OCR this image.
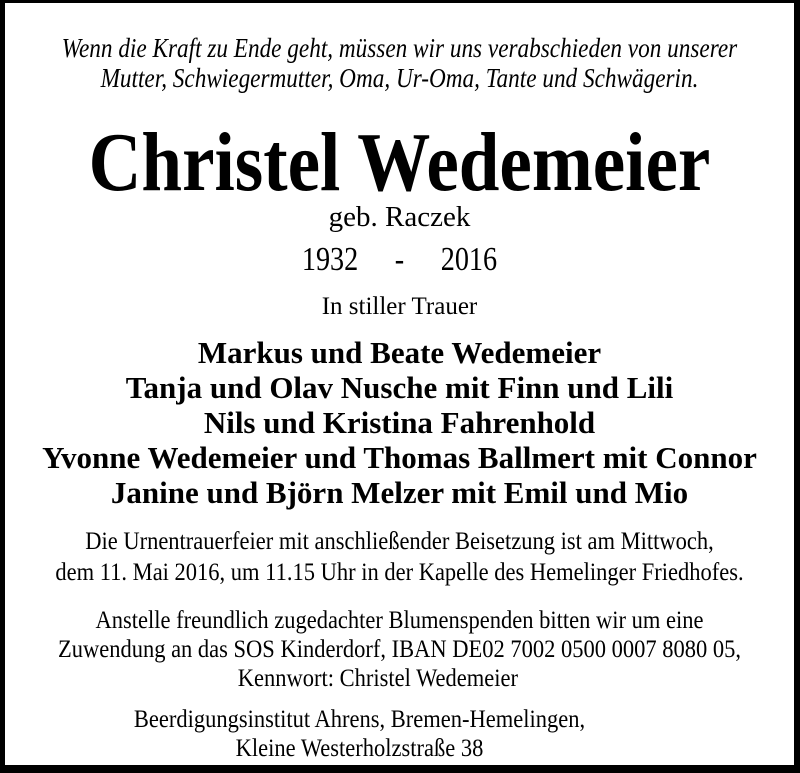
Wenn die Kraft zu Ende geht, müssen wir uns verabschieden von unserer

Mutter, Schwiegermutter, Oma, Ur-Oma, Tante und Schwägerin.

Christel Wedemeier
geb. Raczek
1932 - 2016
In stiller Trauer

Markus und Beate Wedemeier

Tanja und Olav Nusche mit Finn und Lili

Nils und Kristina Fahrenhold

Yvonne Wedemeier und Thomas Ballmert mit Connor

Janine und Björn Melzer mit Emil und Mio

Die Urnentrauerfeier mit anschließender Beisetzung ist am Mittwoch,

dem 11. Mai 2016, um 11.15 Uhr in der Kapelle des Hemelinger Friedhofes.

Anstelle freundlich zugedachter Blumenspenden bitten wir um eine

Zuwendung an das SOS Kinderdorf, IBAN DE02 7002 0500 0007 8080 05,

Kennwort: Christel Wedemeier

Beerdigungsinstitut Ahrens, Bremen-Hemelingen,

Kleine Westerholzstraße 38
